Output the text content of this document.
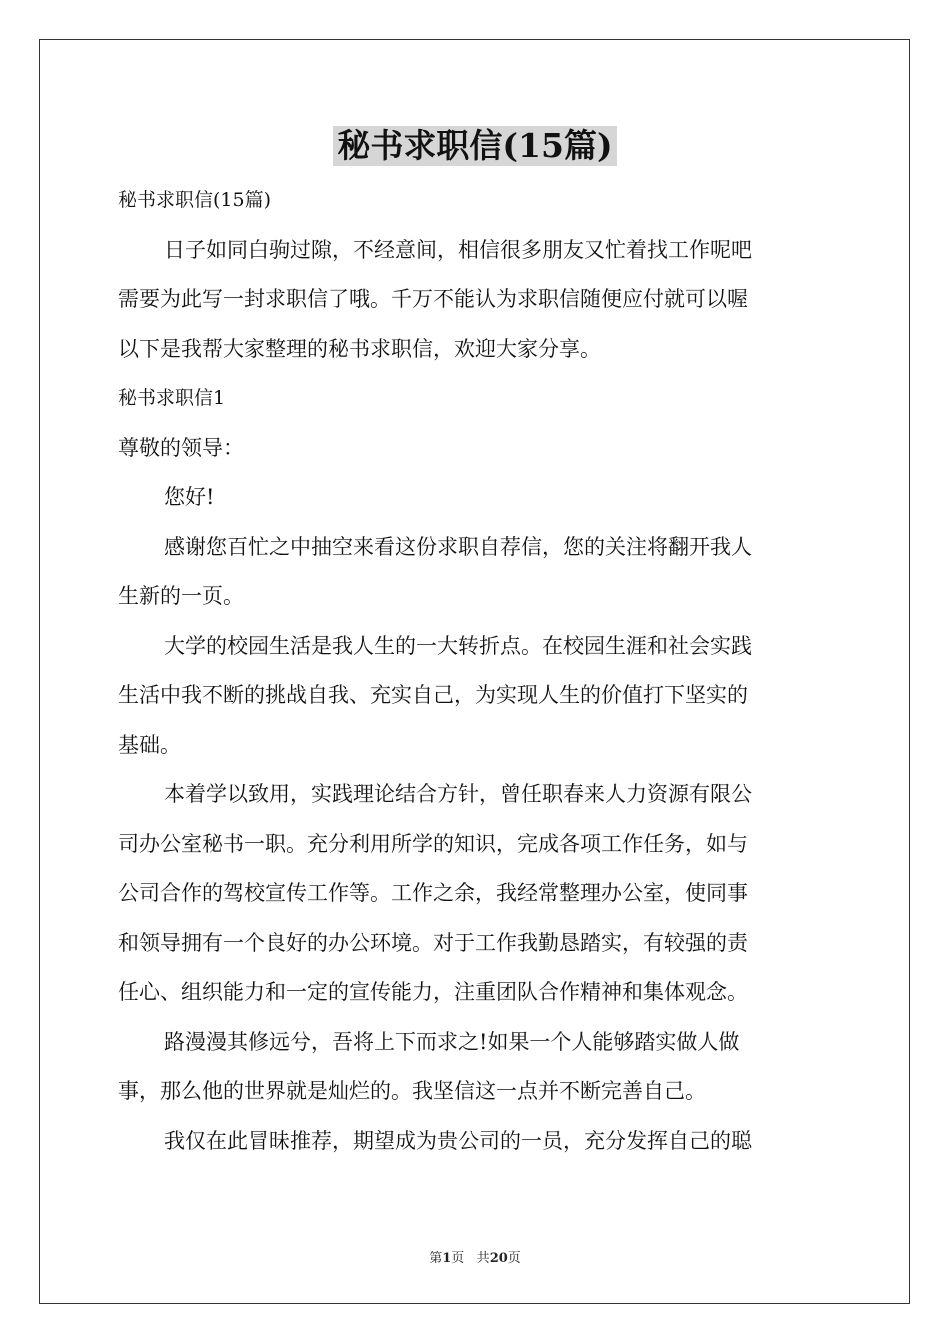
秘书求职信(15篇)
秘书求职信(15篇)
日子如同白驹过隙，不经意间，相信很多朋友又忙着找工作呢吧
需要为此写一封求职信了哦。千万不能认为求职信随便应付就可以喔
以下是我帮大家整理的秘书求职信，欢迎大家分享。
秘书求职信1
尊敬的领导：
您好!
感谢您百忙之中抽空来看这份求职自荐信，您的关注将翻开我人
生新的一页。
大学的校园生活是我人生的一大转折点。在校园生涯和社会实践
生活中我不断的挑战自我、充实自己，为实现人生的价值打下坚实的
基础。
本着学以致用，实践理论结合方针，曾任职春来人力资源有限公
司办公室秘书一职。充分利用所学的知识，完成各项工作任务，如与
公司合作的驾校宣传工作等。工作之余，我经常整理办公室，使同事
和领导拥有一个良好的办公环境。对于工作我勤恳踏实，有较强的责
任心、组织能力和一定的宣传能力，注重团队合作精神和集体观念。
路漫漫其修远兮，吾将上下而求之!如果一个人能够踏实做人做
事，那么他的世界就是灿烂的。我坚信这一点并不断完善自己。
我仅在此冒昧推荐，期望成为贵公司的一员，充分发挥自己的聪
第1页 共20页
